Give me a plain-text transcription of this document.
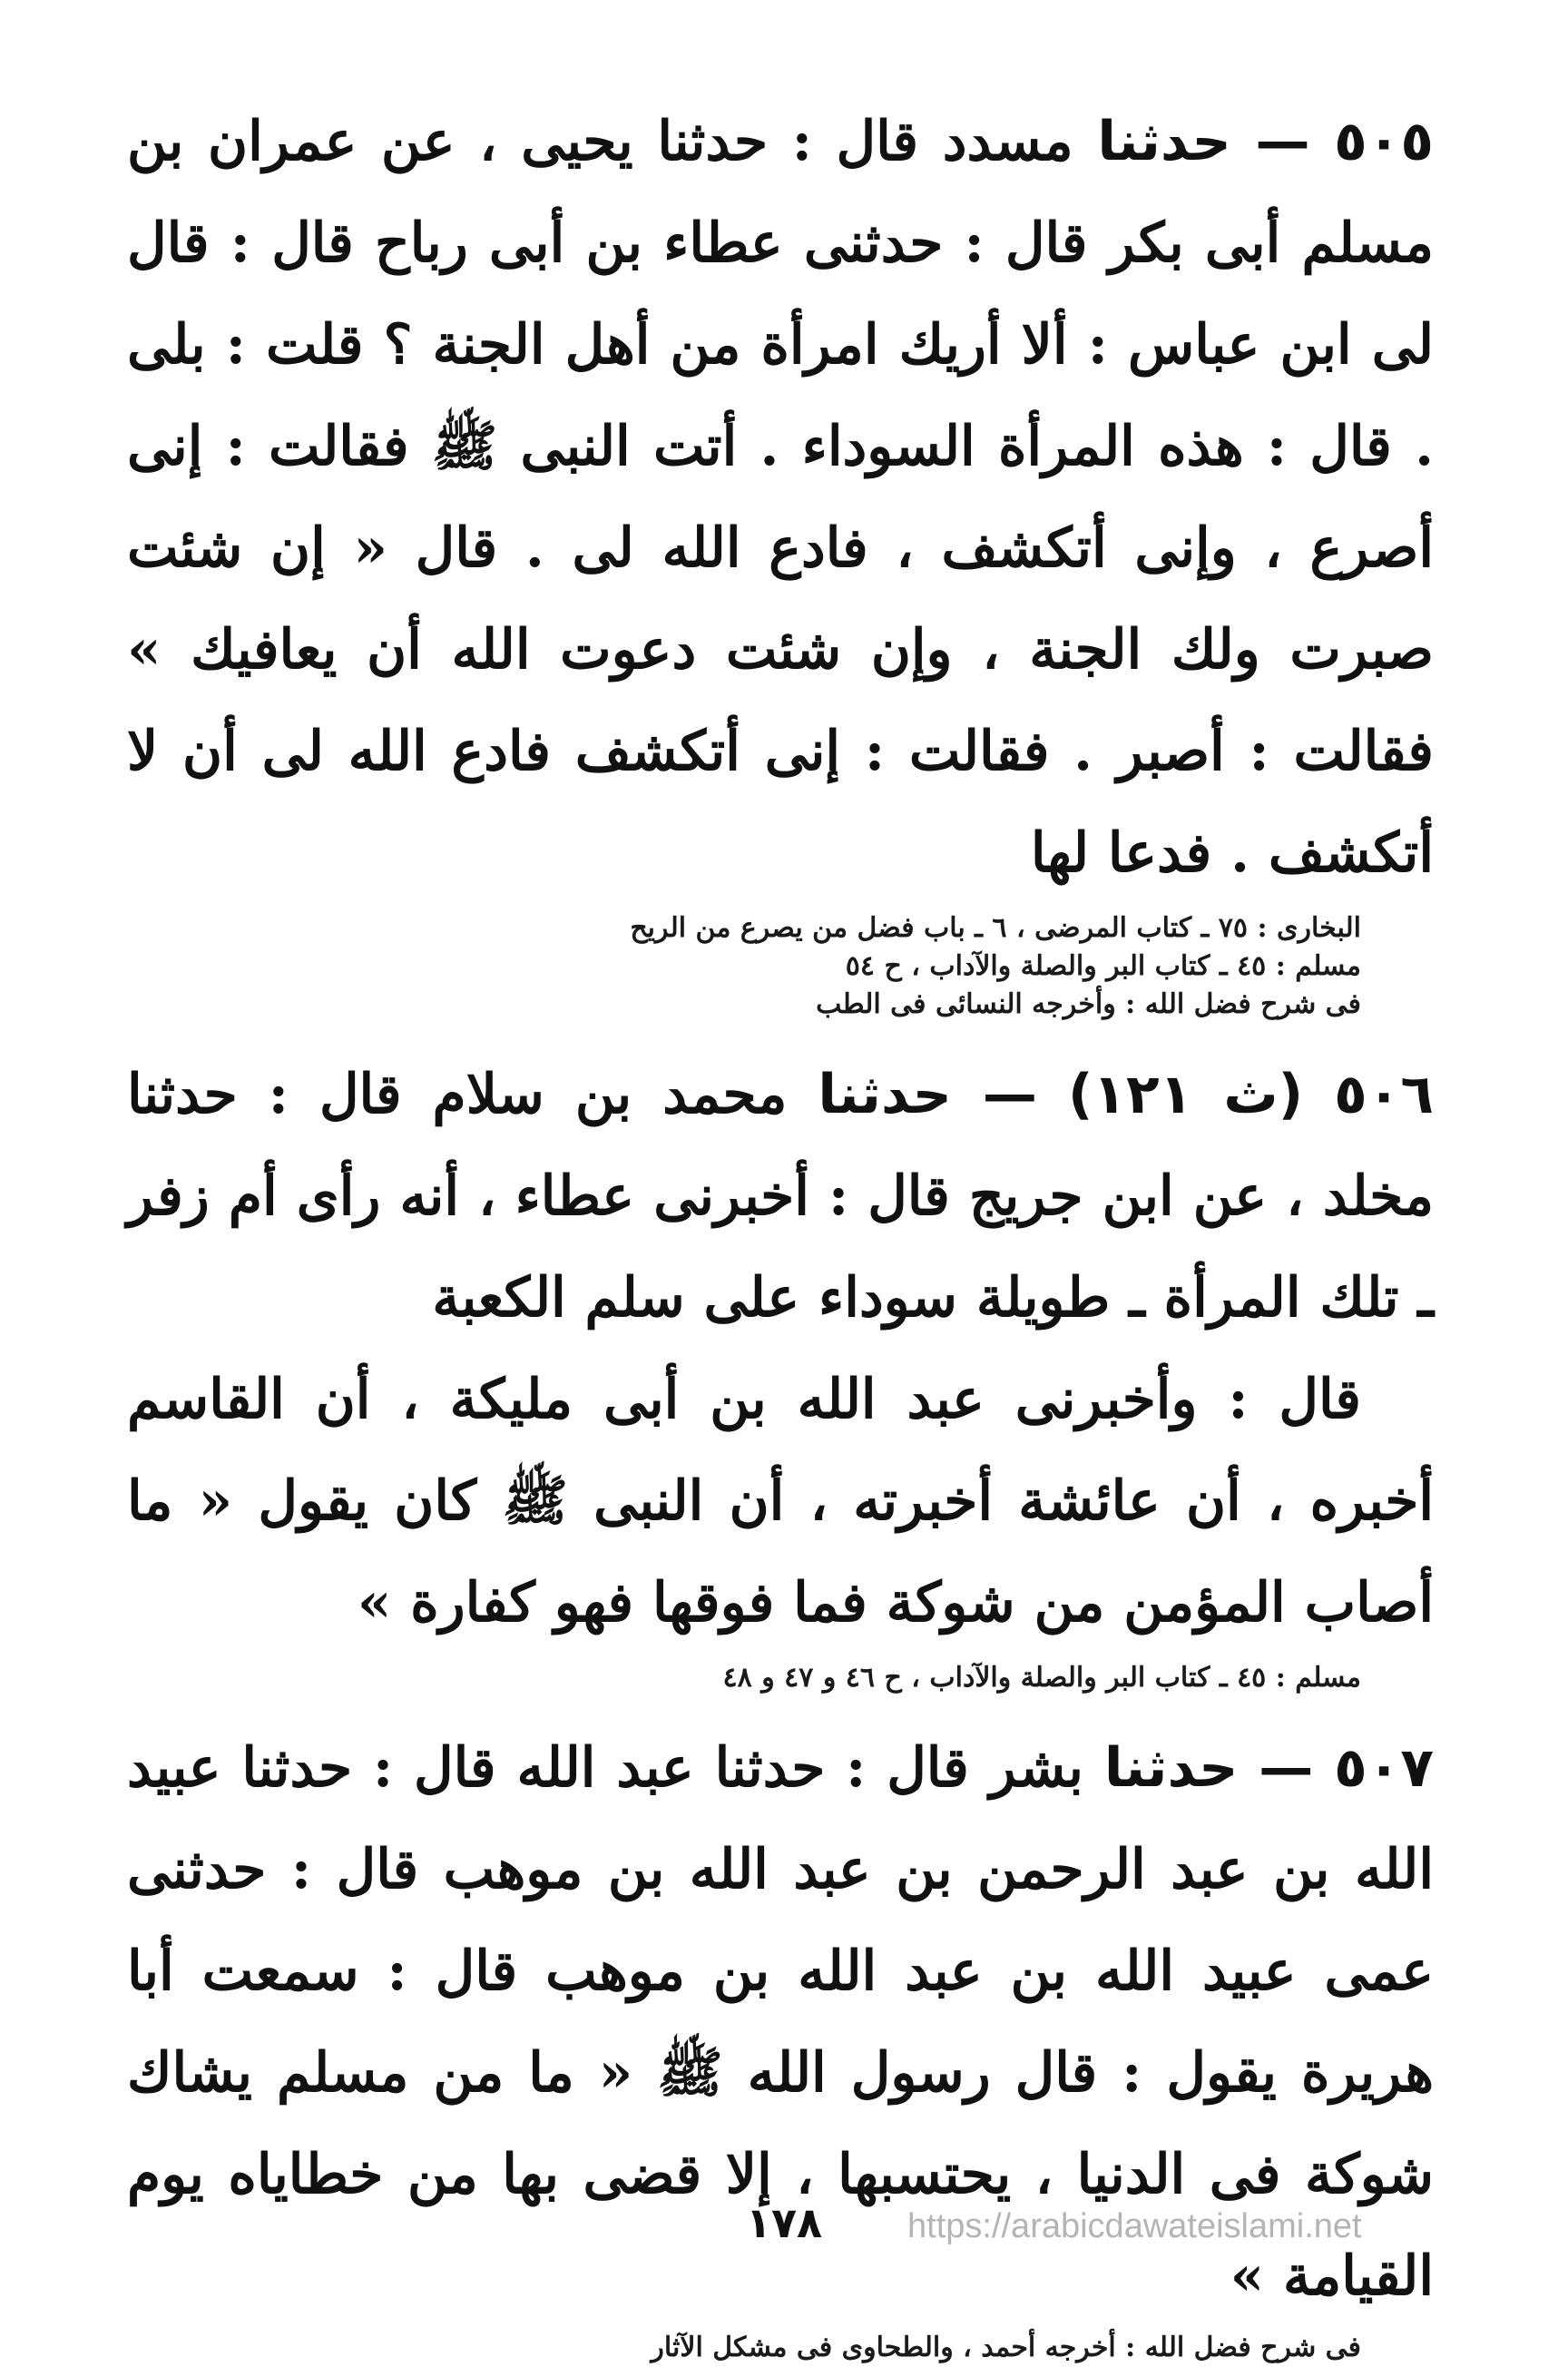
٥٠٥ — حدثنا مسدد قال : حدثنا يحيى ، عن عمران بن مسلم أبى بكر قال : حدثنى عطاء بن أبى رباح قال : قال لى ابن عباس : ألا أريك امرأة من أهل الجنة ؟ قلت : بلى . قال : هذه المرأة السوداء . أتت النبى ﷺ فقالت : إنى أصرع ، وإنى أتكشف ، فادع الله لى . قال « إن شئت صبرت ولك الجنة ، وإن شئت دعوت الله أن يعافيك » فقالت : أصبر . فقالت : إنى أتكشف فادع الله لى أن لا أتكشف . فدعا لها

البخارى : ٧٥ ـ كتاب المرضى ، ٦ ـ باب فضل من يصرع من الريح
مسلم : ٤٥ ـ كتاب البر والصلة والآداب ، ح ٥٤
فى شرح فضل الله : وأخرجه النسائى فى الطب

٥٠٦ (ث ١٢١) — حدثنا محمد بن سلام قال : حدثنا مخلد ، عن ابن جريج قال : أخبرنى عطاء ، أنه رأى أم زفر ـ تلك المرأة ـ طويلة سوداء على سلم الكعبة

قال : وأخبرنى عبد الله بن أبى مليكة ، أن القاسم أخبره ، أن عائشة أخبرته ، أن النبى ﷺ كان يقول « ما أصاب المؤمن من شوكة فما فوقها فهو كفارة »

مسلم : ٤٥ ـ كتاب البر والصلة والآداب ، ح ٤٦ و ٤٧ و ٤٨

٥٠٧ — حدثنا بشر قال : حدثنا عبد الله قال : حدثنا عبيد الله بن عبد الرحمن بن عبد الله بن موهب قال : حدثنى عمى عبيد الله بن عبد الله بن موهب قال : سمعت أبا هريرة يقول : قال رسول الله ﷺ « ما من مسلم يشاك شوكة فى الدنيا ، يحتسبها ، إلا قضى بها من خطاياه يوم القيامة »

فى شرح فضل الله : أخرجه أحمد ، والطحاوى فى مشكل الآثار
١٧٨	https://arabicdawateislami.net
